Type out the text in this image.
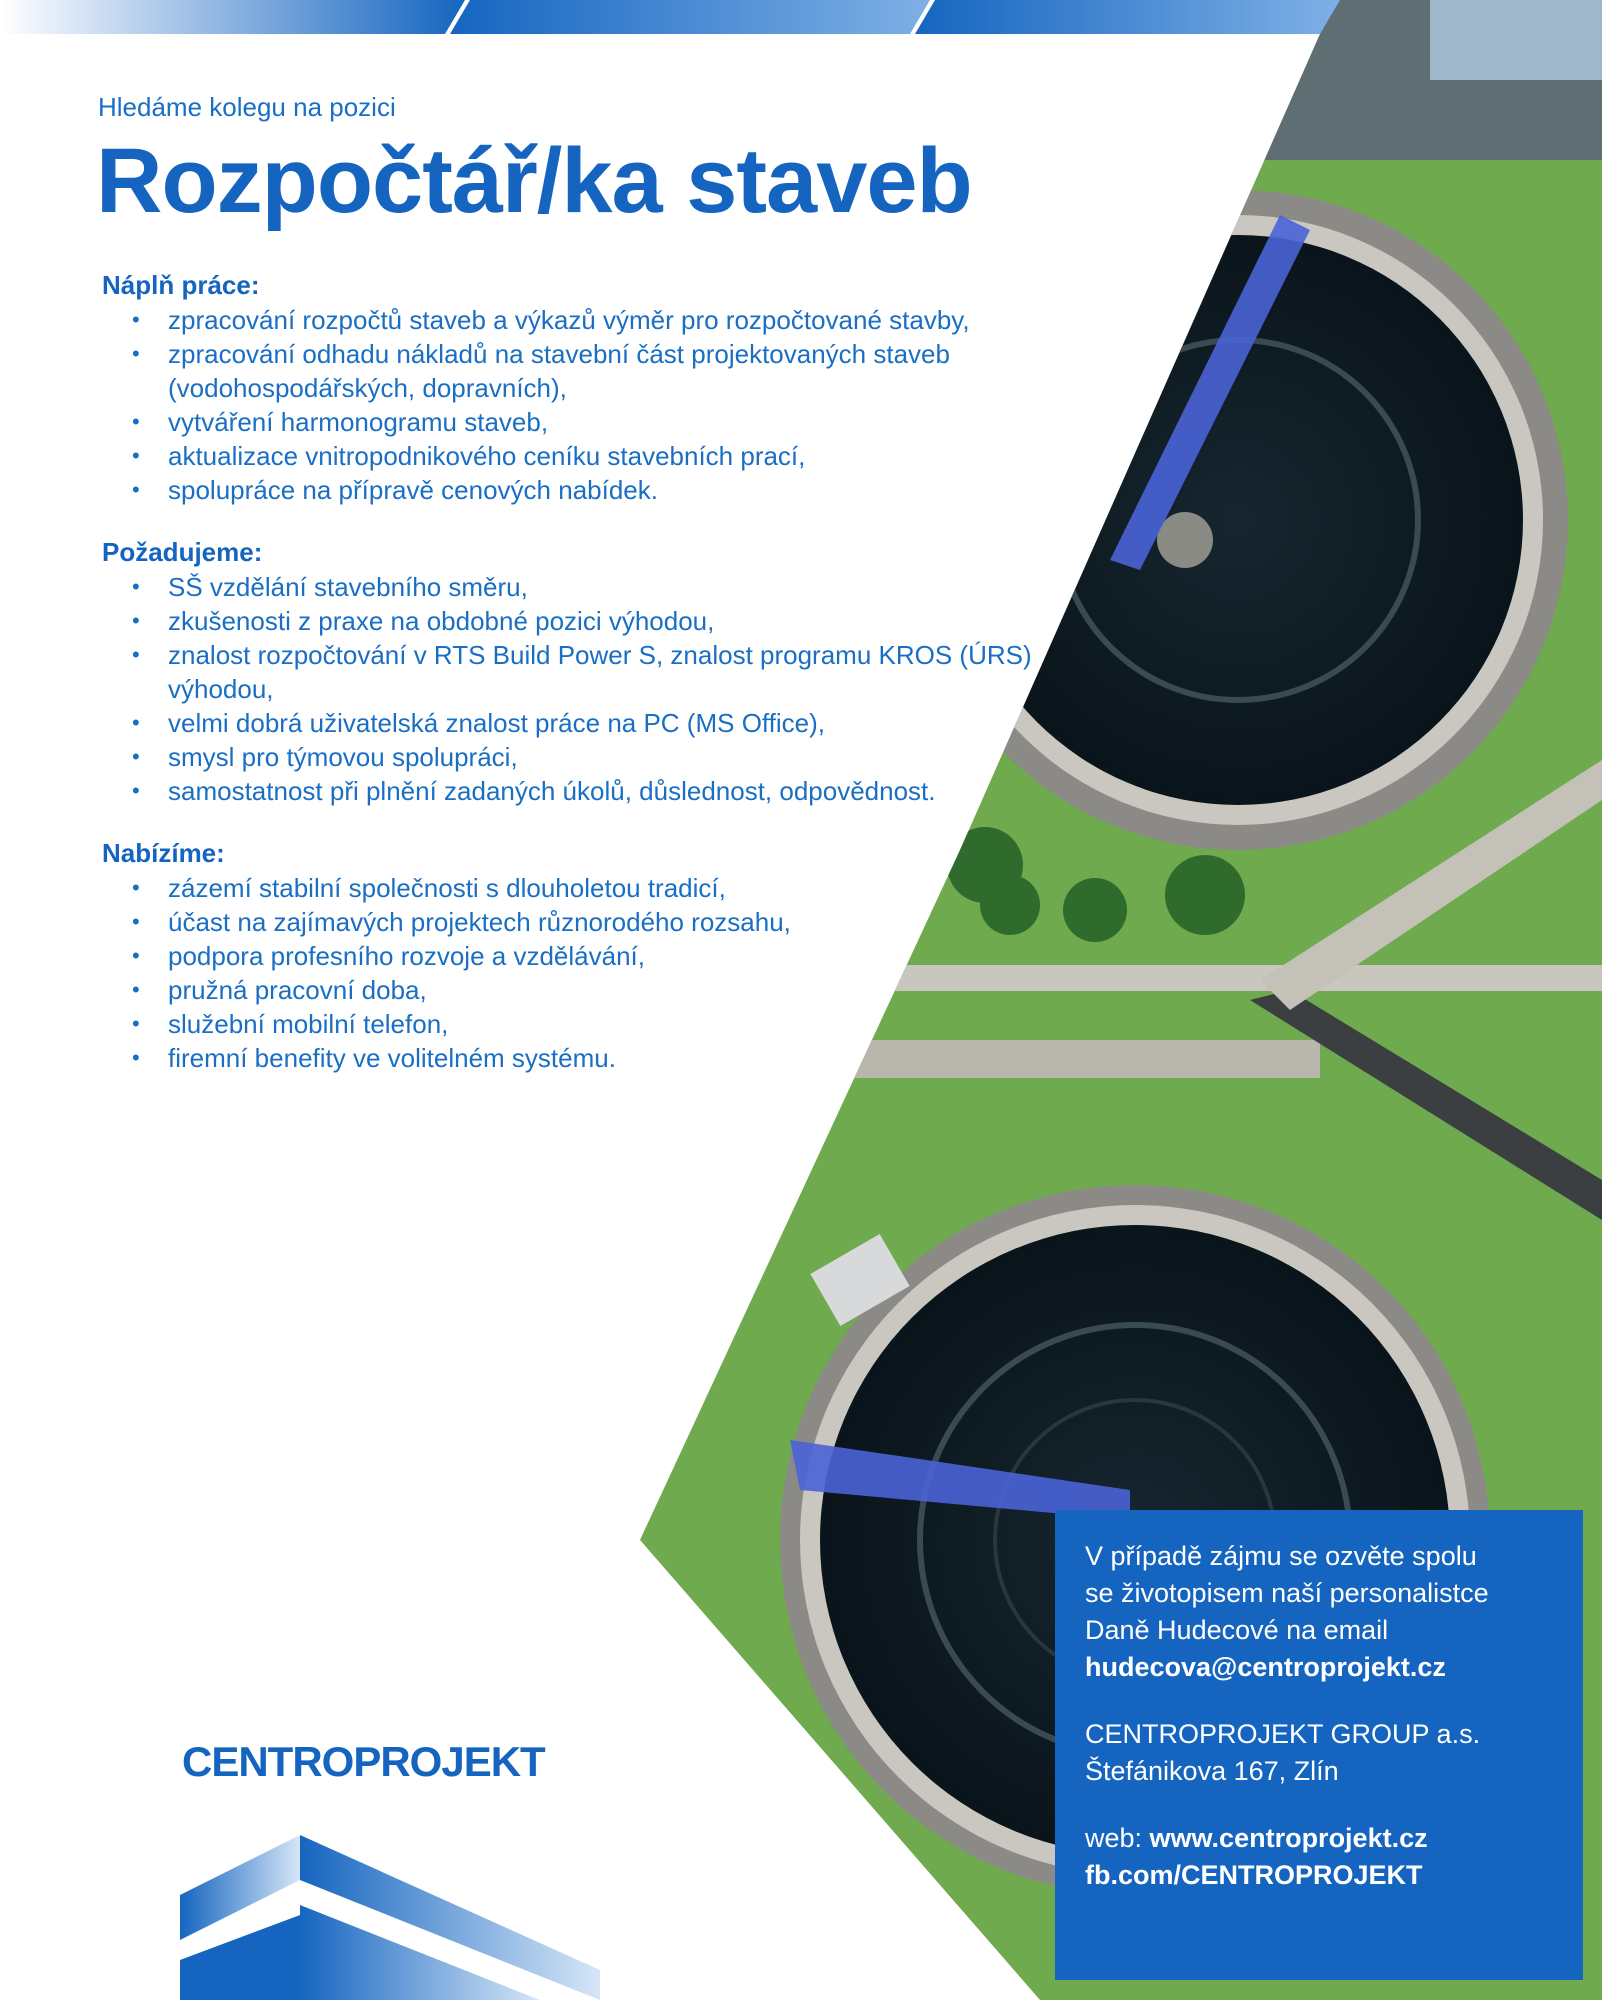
Hledáme kolegu na pozici

Rozpočtář/ka staveb
Náplň práce:
• zpracování rozpočtů staveb a výkazů výměr pro rozpočtované stavby,
• zpracování odhadu nákladů na stavební část projektovaných staveb (vodohospodářských, dopravních),
• vytváření harmonogramu staveb,
• aktualizace vnitropodnikového ceníku stavebních prací,
• spolupráce na přípravě cenových nabídek.
Požadujeme:
• SŠ vzdělání stavebního směru,
• zkušenosti z praxe na obdobné pozici výhodou,
• znalost rozpočtování v RTS Build Power S, znalost programu KROS (ÚRS) výhodou,
• velmi dobrá uživatelská znalost práce na PC (MS Office),
• smysl pro týmovou spolupráci,
• samostatnost při plnění zadaných úkolů, důslednost, odpovědnost.
Nabízíme:
• zázemí stabilní společnosti s dlouholetou tradicí,
• účast na zajímavých projektech různorodého rozsahu,
• podpora profesního rozvoje a vzdělávání,
• pružná pracovní doba,
• služební mobilní telefon,
• firemní benefity ve volitelném systému.
CENTROPROJEKT

V případě zájmu se ozvěte spolu

se životopisem naší personalistce

Daně Hudecové na email

hudecova@centroprojekt.cz

CENTROPROJEKT GROUP a.s.

Štefánikova 167, Zlín

web: www.centroprojekt.cz

fb.com/CENTROPROJEKT
